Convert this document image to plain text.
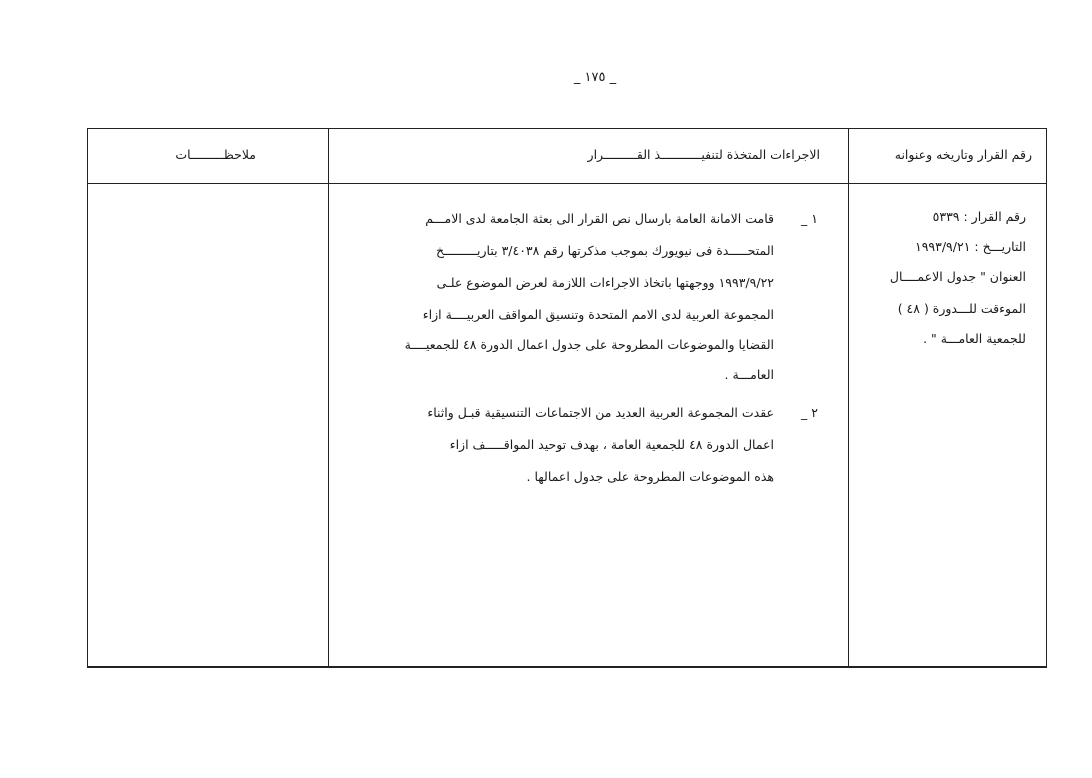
_ ١٧٥ _
رقم القرار وتاريخه وعنوانه
الاجراءات المتخذة لتنفيـــــــــــذ القـــــــــرار
ملاحظـــــــــات
رقم القرار : ٥٣٣٩
التاريـــخ : ١٩٩٣/٩/٢١
العنوان " جدول الاعمــــال
الموءقت للـــدورة ( ٤٨ )
للجمعية العامـــة " .
١ _
قامت الامانة العامة بارسال نص القرار الى بعثة الجامعة لدى الامـــم
المتحـــــدة فى نيويورك بموجب مذكرتها رقم ٣/٤٠٣٨ بتاريـــــــــخ
١٩٩٣/٩/٢٢ ووجهتها باتخاذ الاجراءات اللازمة لعرض الموضوع علـى
المجموعة العربية لدى الامم المتحدة وتنسيق المواقف العربيــــة ازاء
القضايا والموضوعات المطروحة على جدول اعمال الدورة ٤٨ للجمعيــــة
العامـــة .
٢ _
عقدت المجموعة العربية العديد من الاجتماعات التنسيقية قبـل واثناء
اعمال الدورة ٤٨ للجمعية العامة ، بهدف توحيد المواقـــــف ازاء
هذه الموضوعات المطروحة على جدول اعمالها .
